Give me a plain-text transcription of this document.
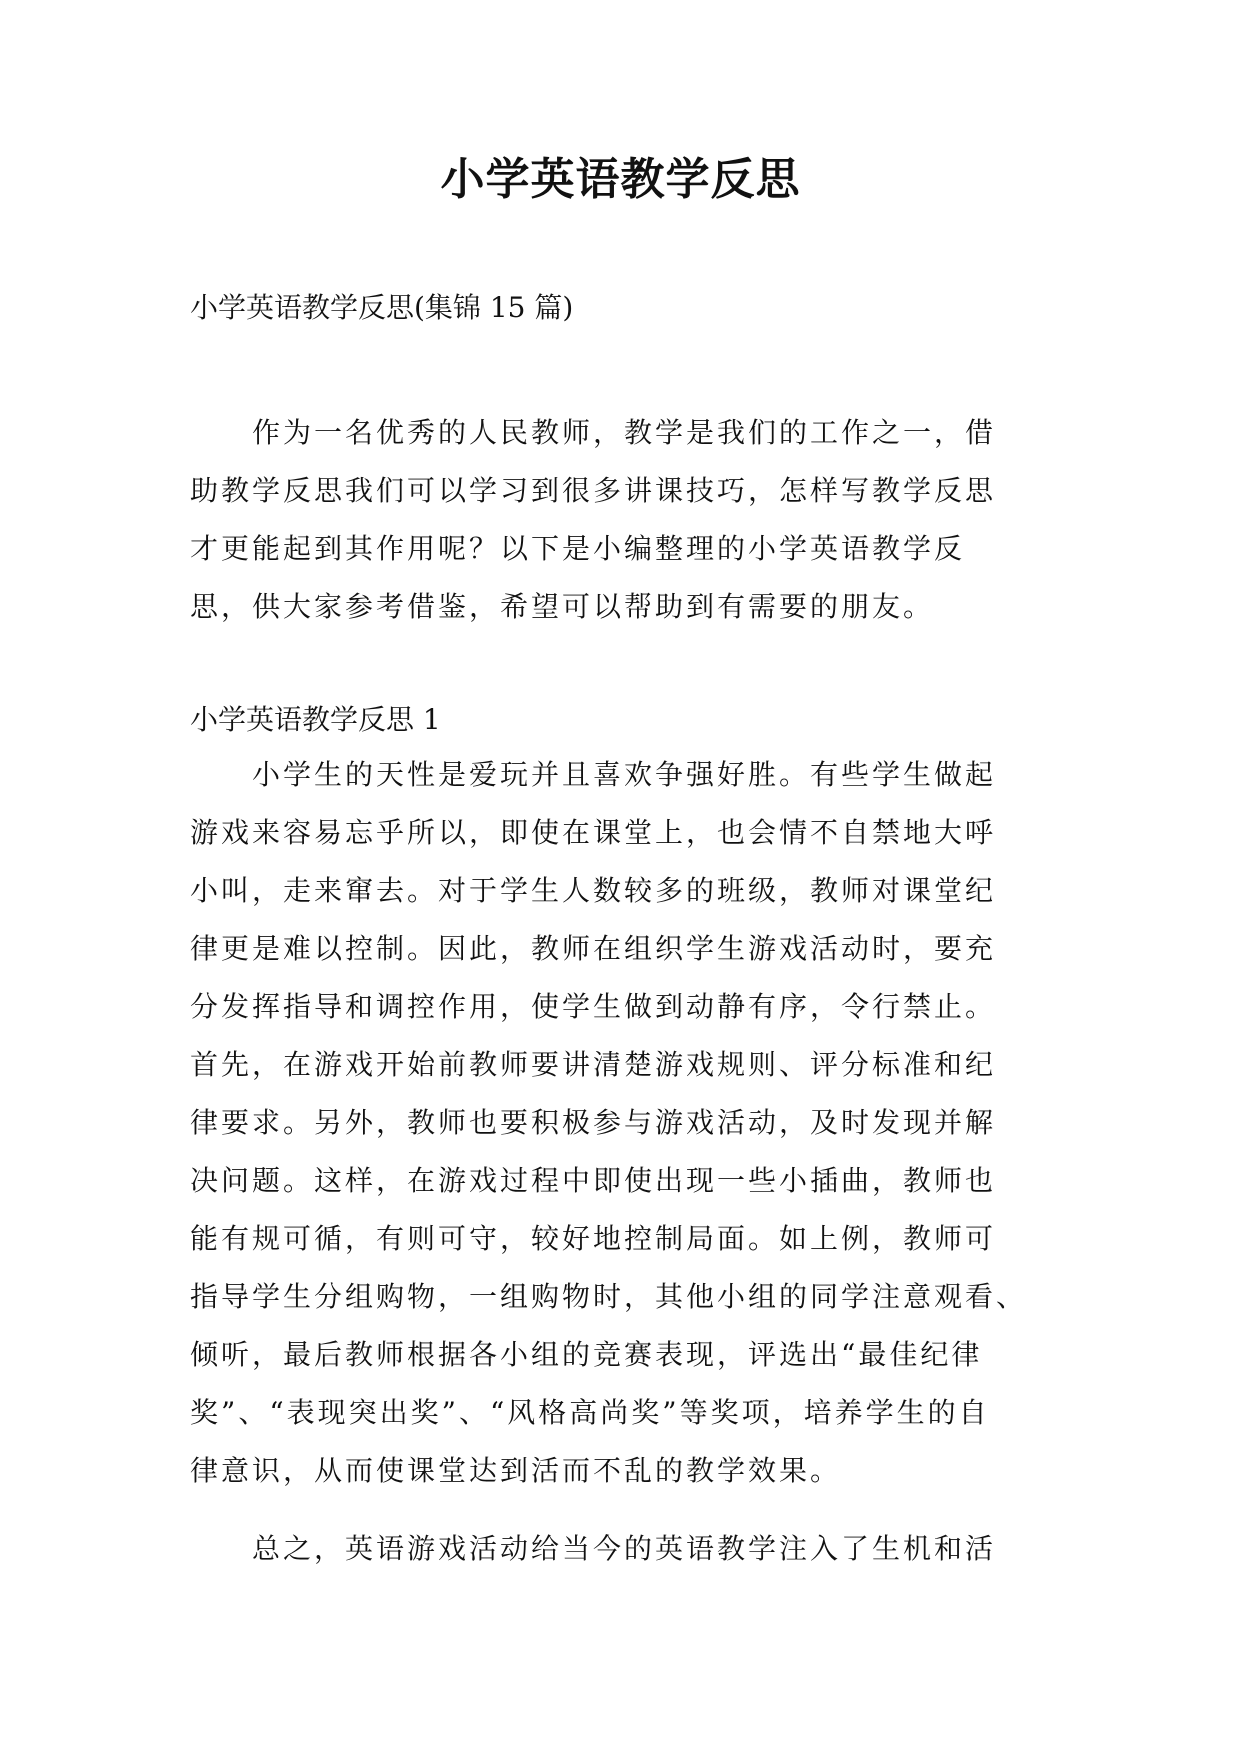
小学英语教学反思
小学英语教学反思(集锦 15 篇)
　　作为一名优秀的人民教师，教学是我们的工作之一，借
助教学反思我们可以学习到很多讲课技巧，怎样写教学反思
才更能起到其作用呢？以下是小编整理的小学英语教学反
思，供大家参考借鉴，希望可以帮助到有需要的朋友。
小学英语教学反思 1
　　小学生的天性是爱玩并且喜欢争强好胜。有些学生做起
游戏来容易忘乎所以，即使在课堂上，也会情不自禁地大呼
小叫，走来窜去。对于学生人数较多的班级，教师对课堂纪
律更是难以控制。因此，教师在组织学生游戏活动时，要充
分发挥指导和调控作用，使学生做到动静有序，令行禁止。
首先，在游戏开始前教师要讲清楚游戏规则、评分标准和纪
律要求。另外，教师也要积极参与游戏活动，及时发现并解
决问题。这样，在游戏过程中即使出现一些小插曲，教师也
能有规可循，有则可守，较好地控制局面。如上例，教师可
指导学生分组购物，一组购物时，其他小组的同学注意观看、
倾听，最后教师根据各小组的竞赛表现，评选出“最佳纪律
奖”、“表现突出奖”、“风格高尚奖”等奖项，培养学生的自
律意识，从而使课堂达到活而不乱的教学效果。
　　总之，英语游戏活动给当今的英语教学注入了生机和活
